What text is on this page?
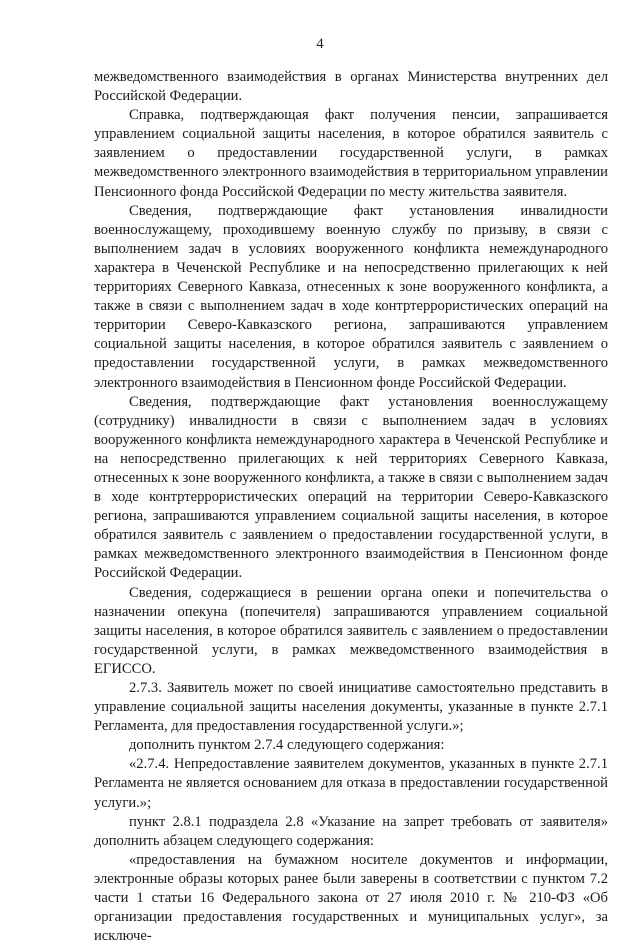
4

межведомственного взаимодействия в органах Министерства внутренних дел Российской Федерации.

Справка, подтверждающая факт получения пенсии, запрашивается управлением социальной защиты населения, в которое обратился заявитель с заявлением о предоставлении государственной услуги, в рамках межведомственного электронного взаимодействия в территориальном управлении Пенсионного фонда Российской Федерации по месту жительства заявителя.

Сведения, подтверждающие факт установления инвалидности военнослужащему, проходившему военную службу по призыву, в связи с выполнением задач в условиях вооруженного конфликта немеждународного характера в Чеченской Республике и на непосредственно прилегающих к ней территориях Северного Кавказа, отнесенных к зоне вооруженного конфликта, а также в связи с выполнением задач в ходе контртеррористических операций на территории Северо-Кавказского региона, запрашиваются управлением социальной защиты населения, в которое обратился заявитель с заявлением о предоставлении государственной услуги, в рамках межведомственного электронного взаимодействия в Пенсионном фонде Российской Федерации.

Сведения, подтверждающие факт установления военнослужащему (сотруднику) инвалидности в связи с выполнением задач в условиях вооруженного конфликта немеждународного характера в Чеченской Республике и на непосредственно прилегающих к ней территориях Северного Кавказа, отнесенных к зоне вооруженного конфликта, а также в связи с выполнением задач в ходе контртеррористических операций на территории Северо-Кавказского региона, запрашиваются управлением социальной защиты населения, в которое обратился заявитель с заявлением о предоставлении государственной услуги, в рамках межведомственного электронного взаимодействия в Пенсионном фонде Российской Федерации.

Сведения, содержащиеся в решении органа опеки и попечительства о назначении опекуна (попечителя) запрашиваются управлением социальной защиты населения, в которое обратился заявитель с заявлением о предоставлении государственной услуги, в рамках межведомственного взаимодействия в ЕГИССО.

2.7.3. Заявитель может по своей инициативе самостоятельно представить в управление социальной защиты населения документы, указанные в пункте 2.7.1 Регламента, для предоставления государственной услуги.»;

дополнить пунктом 2.7.4 следующего содержания:

«2.7.4. Непредоставление заявителем документов, указанных в пункте 2.7.1 Регламента не является основанием для отказа в предоставлении государственной услуги.»;

пункт 2.8.1 подраздела 2.8 «Указание на запрет требовать от заявителя» дополнить абзацем следующего содержания:

«предоставления на бумажном носителе документов и информации, электронные образы которых ранее были заверены в соответствии с пунктом 7.2 части 1 статьи 16 Федерального закона от 27 июля 2010 г. № 210-ФЗ «Об организации предоставления государственных и муниципальных услуг», за исключе-
